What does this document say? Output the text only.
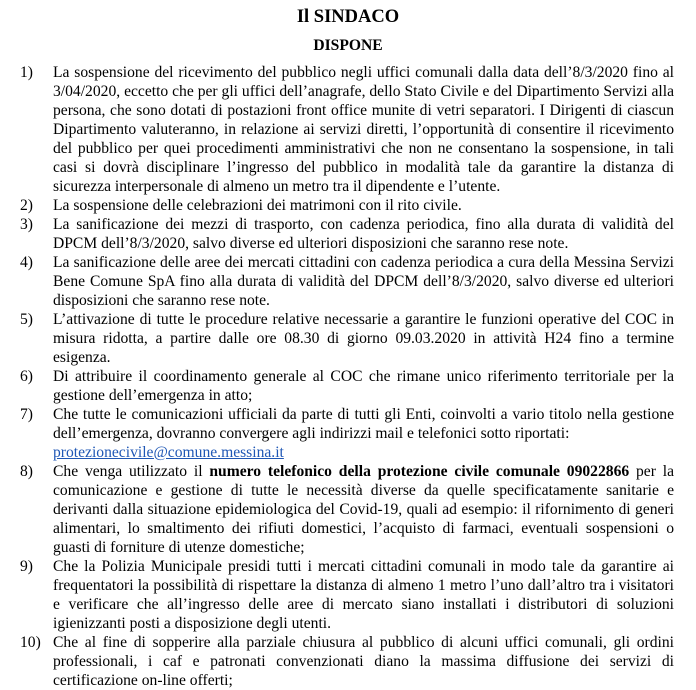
Il SINDACO
DISPONE
1) La sospensione del ricevimento del pubblico negli uffici comunali dalla data dell’8/3/2020 fino al 3/04/2020, eccetto che per gli uffici dell’anagrafe, dello Stato Civile e del Dipartimento Servizi alla persona, che sono dotati di postazioni front office munite di vetri separatori. I Dirigenti di ciascun Dipartimento valuteranno, in relazione ai servizi diretti, l’opportunità di consentire il ricevimento del pubblico per quei procedimenti amministrativi che non ne consentano la sospensione, in tali casi si dovrà disciplinare l’ingresso del pubblico in modalità tale da garantire la distanza di sicurezza interpersonale di almeno un metro tra il dipendente e l’utente.
2) La sospensione delle celebrazioni dei matrimoni con il rito civile.
3) La sanificazione dei mezzi di trasporto, con cadenza periodica, fino alla durata di validità del DPCM dell’8/3/2020, salvo diverse ed ulteriori disposizioni che saranno rese note.
4) La sanificazione delle aree dei mercati cittadini con cadenza periodica a cura della Messina Servizi Bene Comune SpA fino alla durata di validità del DPCM dell’8/3/2020, salvo diverse ed ulteriori disposizioni che saranno rese note.
5) L’attivazione di tutte le procedure relative necessarie a garantire le funzioni operative del COC in misura ridotta, a partire dalle ore 08.30 di giorno 09.03.2020 in attività H24 fino a termine esigenza.
6) Di attribuire il coordinamento generale al COC che rimane unico riferimento territoriale per la gestione dell’emergenza in atto;
7) Che tutte le comunicazioni ufficiali da parte di tutti gli Enti, coinvolti a vario titolo nella gestione dell’emergenza, dovranno convergere agli indirizzi mail e telefonici sotto riportati:
protezionecivile@comune.messina.it
8) Che venga utilizzato il numero telefonico della protezione civile comunale 09022866 per la comunicazione e gestione di tutte le necessità diverse da quelle specificatamente sanitarie e derivanti dalla situazione epidemiologica del Covid-19, quali ad esempio: il rifornimento di generi alimentari, lo smaltimento dei rifiuti domestici, l’acquisto di farmaci, eventuali sospensioni o guasti di forniture di utenze domestiche;
9) Che la Polizia Municipale presidi tutti i mercati cittadini comunali in modo tale da garantire ai frequentatori la possibilità di rispettare la distanza di almeno 1 metro l’uno dall’altro tra i visitatori e verificare che all’ingresso delle aree di mercato siano installati i distributori di soluzioni igienizzanti posti a disposizione degli utenti.
10) Che al fine di sopperire alla parziale chiusura al pubblico di alcuni uffici comunali, gli ordini professionali, i caf e patronati convenzionati diano la massima diffusione dei servizi di certificazione on-line offerti;
